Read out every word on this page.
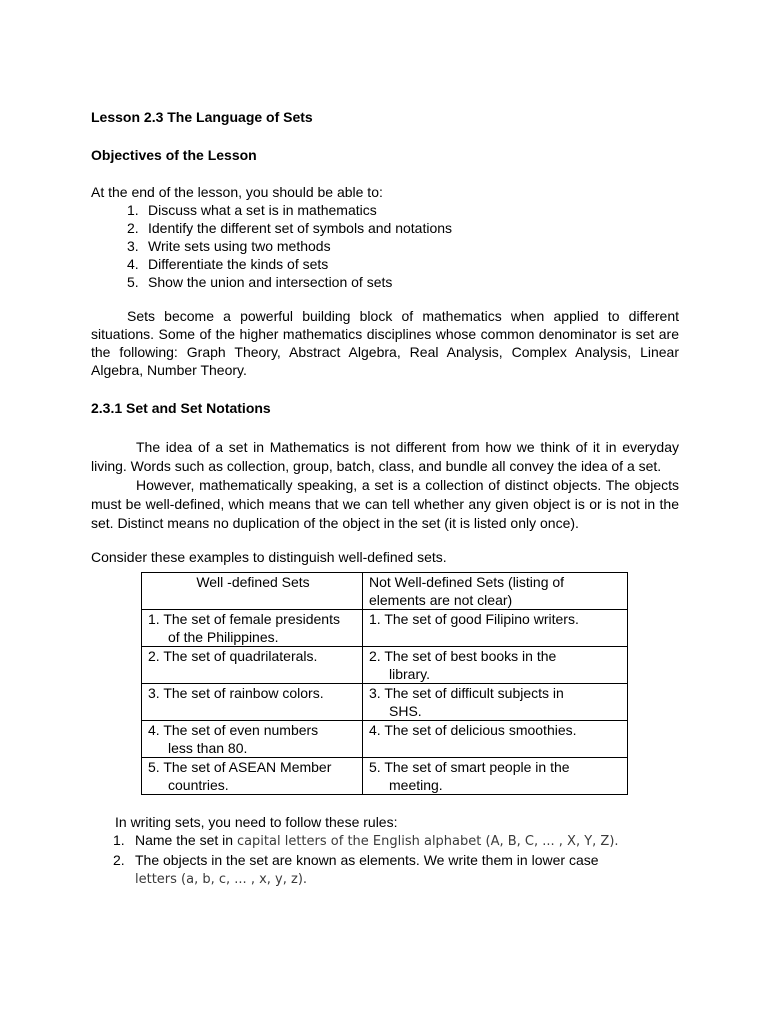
Lesson 2.3 The Language of Sets

Objectives of the Lesson

At the end of the lesson, you should be able to:

1. Discuss what a set is in mathematics
2. Identify the different set of symbols and notations
3. Write sets using two methods
4. Differentiate the kinds of sets
5. Show the union and intersection of sets

Sets become a powerful building block of mathematics when applied to different situations. Some of the higher mathematics disciplines whose common denominator is set are the following: Graph Theory, Abstract Algebra, Real Analysis, Complex Analysis, Linear Algebra, Number Theory.

2.3.1 Set and Set Notations

The idea of a set in Mathematics is not different from how we think of it in everyday living. Words such as collection, group, batch, class, and bundle all convey the idea of a set.

However, mathematically speaking, a set is a collection of distinct objects. The objects must be well-defined, which means that we can tell whether any given object is or is not in the set. Distinct means no duplication of the object in the set (it is listed only once).

Consider these examples to distinguish well-defined sets.

Well -defined Sets	Not Well-defined Sets (listing of
elements are not clear)

1. The set of female presidents
of the Philippines.	1. The set of good Filipino writers.

2. The set of quadrilaterals.	2. The set of best books in the
library.

3. The set of rainbow colors.	3. The set of difficult subjects in
SHS.

4. The set of even numbers
less than 80.	4. The set of delicious smoothies.

5. The set of ASEAN Member
countries.	5. The set of smart people in the
meeting.

In writing sets, you need to follow these rules:

1. Name the set in capital letters of the English alphabet (A, B, C, ... , X, Y, Z).
2. The objects in the set are known as elements. We write them in lower case
letters (a, b, c, ... , x, y, z).
